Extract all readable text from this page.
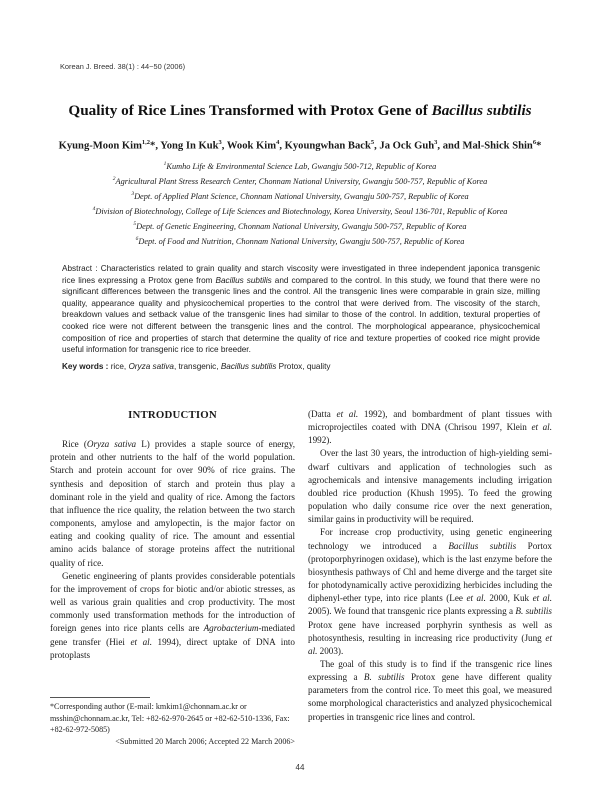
Korean J. Breed. 38(1) : 44~50 (2006)
Quality of Rice Lines Transformed with Protox Gene of Bacillus subtilis
Kyung-Moon Kim$^{1,2}$*, Yong In Kuk$^3$, Wook Kim$^4$, Kyoungwhan Back$^5$, Ja Ock Guh$^3$, and Mal-Shick Shin$^6$*
$^1$Kumho Life & Environmental Science Lab, Gwangju 500-712, Republic of Korea
$^2$Agricultural Plant Stress Research Center, Chonnam National University, Gwangju 500-757, Republic of Korea
$^3$Dept. of Applied Plant Science, Chonnam National University, Gwangju 500-757, Republic of Korea
$^4$Division of Biotechnology, College of Life Sciences and Biotechnology, Korea University, Seoul 136-701, Republic of Korea
$^5$Dept. of Genetic Engineering, Chonnam National University, Gwangju 500-757, Republic of Korea
$^6$Dept. of Food and Nutrition, Chonnam National University, Gwangju 500-757, Republic of Korea
Abstract : Characteristics related to grain quality and starch viscosity were investigated in three independent japonica transgenic rice lines expressing a Protox gene from Bacillus subtilis and compared to the control. In this study, we found that there were no significant differences between the transgenic lines and the control. All the transgenic lines were comparable in grain size, milling quality, appearance quality and physicochemical properties to the control that were derived from. The viscosity of the starch, breakdown values and setback value of the transgenic lines had similar to those of the control. In addition, textural properties of cooked rice were not different between the transgenic lines and the control. The morphological appearance, physicochemical composition of rice and properties of starch that determine the quality of rice and texture properties of cooked rice might provide useful information for transgenic rice to rice breeder.
Key words : rice, Oryza sativa, transgenic, Bacillus subtilis Protox, quality
INTRODUCTION

Rice (Oryza sativa L) provides a staple source of energy, protein and other nutrients to the half of the world population. Starch and protein account for over 90% of rice grains. The synthesis and deposition of starch and protein thus play a dominant role in the yield and quality of rice. Among the factors that influence the rice quality, the relation between the two starch components, amylose and amylopectin, is the major factor on eating and cooking quality of rice. The amount and essential amino acids balance of storage proteins affect the nutritional quality of rice.

Genetic engineering of plants provides considerable potentials for the improvement of crops for biotic and/or abiotic stresses, as well as various grain qualities and crop productivity. The most commonly used transformation methods for the introduction of foreign genes into rice plants cells are Agrobacterium-mediated gene transfer (Hiei et al. 1994), direct uptake of DNA into protoplasts

(Datta et al. 1992), and bombardment of plant tissues with microprojectiles coated with DNA (Chrisou 1997, Klein et al. 1992).

Over the last 30 years, the introduction of high-yielding semi-dwarf cultivars and application of technologies such as agrochemicals and intensive managements including irrigation doubled rice production (Khush 1995). To feed the growing population who daily consume rice over the next generation, similar gains in productivity will be required.

For increase crop productivity, using genetic engineering technology we introduced a Bacillus subtilis Portox (protoporphyrinogen oxidase), which is the last enzyme before the biosynthesis pathways of Chl and heme diverge and the target site for photodynamically active peroxidizing herbicides including the diphenyl-ether type, into rice plants (Lee et al. 2000, Kuk et al. 2005). We found that transgenic rice plants expressing a B. subtilis Protox gene have increased porphyrin synthesis as well as photosynthesis, resulting in increasing rice productivity (Jung et al. 2003).

The goal of this study is to find if the transgenic rice lines expressing a B. subtilis Protox gene have different quality parameters from the control rice. To meet this goal, we measured some morphological characteristics and analyzed physicochemical properties in transgenic rice lines and control.

*Corresponding author (E-mail: kmkim1@chonnam.ac.kr or msshin@chonnam.ac.kr, Tel: +82-62-970-2645 or +82-62-510-1336, Fax: +82-62-972-5085)

<Submitted 20 March 2006; Accepted 22 March 2006>

44
